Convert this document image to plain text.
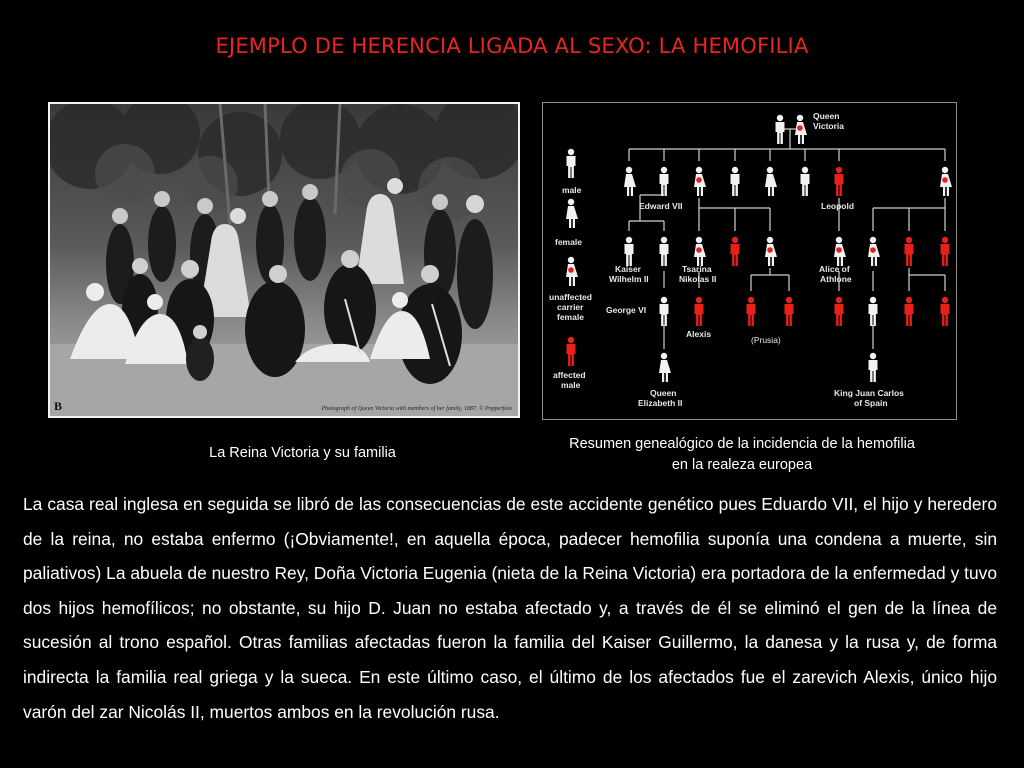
EJEMPLO DE HERENCIA LIGADA AL SEXO: LA HEMOFILIA
B	Photograph of Queen Victoria with members of her family, 1887. © Popperfoto
La Reina Victoria y su familia
Queen
Victoria
male
female
unaffected
carrier
female
affected
male
Edward VII	Leopold
Kaiser
Wilhelm II
Tsarina
Nikolas II
Alice of
Athlone
George VI
Alexis
(Prusia)
Queen
Elizabeth II
King Juan Carlos
of Spain
Resumen genealógico de la incidencia de la hemofilia
en la realeza europea

La casa real inglesa en seguida se libró de las consecuencias de este accidente genético pues Eduardo VII, el hijo y heredero de la reina, no estaba enfermo (¡Obviamente!, en aquella época, padecer hemofilia suponía una condena a muerte, sin paliativos) La abuela de nuestro Rey, Doña Victoria Eugenia (nieta de la Reina Victoria) era portadora de la enfermedad y tuvo dos hijos hemofílicos; no obstante, su hijo D. Juan no estaba afectado y, a través de él se eliminó el gen de la línea de sucesión al trono español. Otras familias afectadas fueron la familia del Kaiser Guillermo, la danesa y la rusa y, de forma indirecta la familia real griega y la sueca. En este último caso, el último de los afectados fue el zarevich Alexis, único hijo varón del zar Nicolás II, muertos ambos en la revolución rusa.
